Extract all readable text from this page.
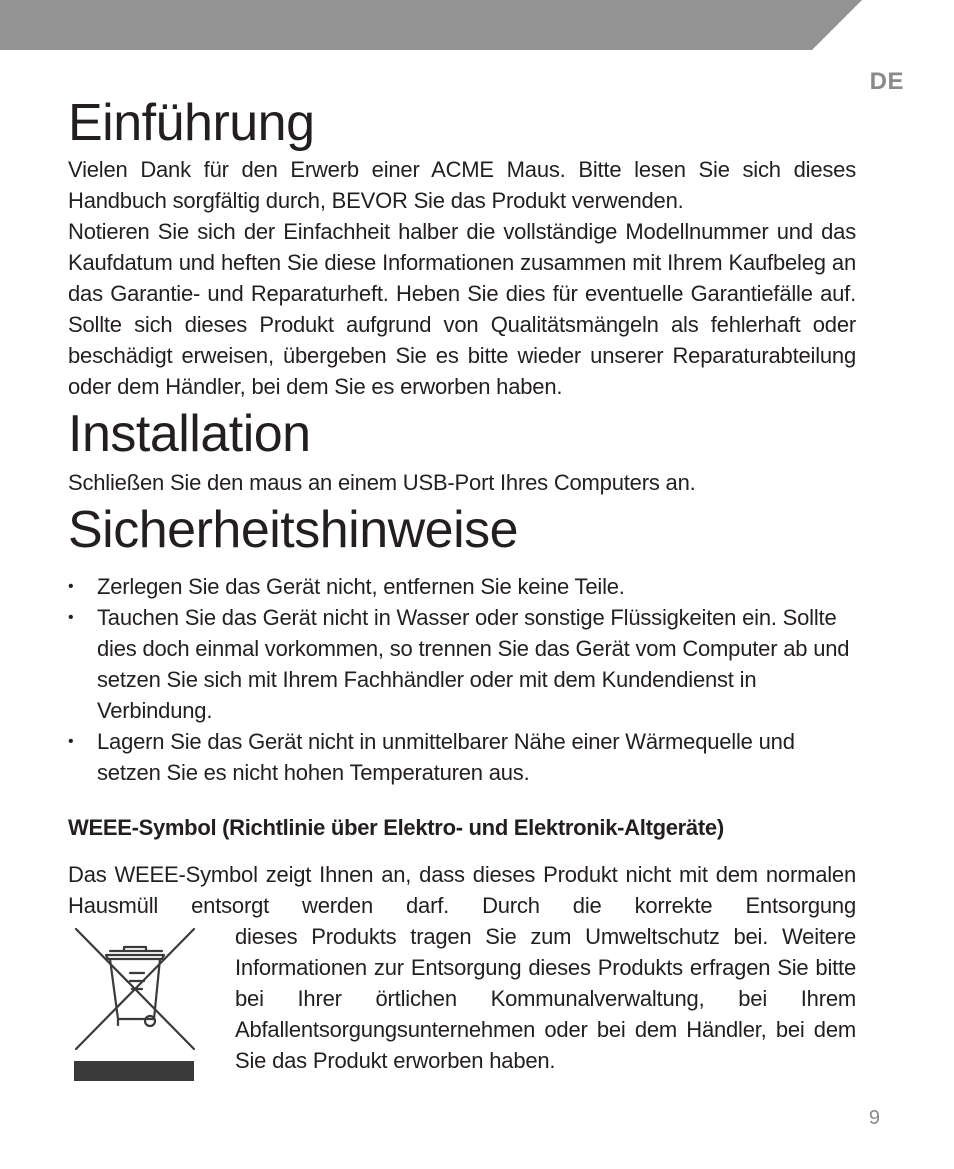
DE
Einführung

Vielen Dank für den Erwerb einer ACME Maus. Bitte lesen Sie sich dieses Handbuch sorgfältig durch, BEVOR Sie das Produkt verwenden.

Notieren Sie sich der Einfachheit halber die vollständige Modellnummer und das Kaufdatum und heften Sie diese Informationen zusammen mit Ihrem Kaufbeleg an das Garantie- und Reparaturheft. Heben Sie dies für eventuelle Garantiefälle auf. Sollte sich dieses Produkt aufgrund von Qualitätsmängeln als fehlerhaft oder beschädigt erweisen, übergeben Sie es bitte wieder unserer Reparaturabteilung oder dem Händler, bei dem Sie es erworben haben.

Installation

Schließen Sie den maus an einem USB-Port Ihres Computers an.

Sicherheitshinweise
• Zerlegen Sie das Gerät nicht, entfernen Sie keine Teile.
• Tauchen Sie das Gerät nicht in Wasser oder sonstige Flüssigkeiten ein. Sollte dies doch einmal vorkommen, so trennen Sie das Gerät vom Computer ab und setzen Sie sich mit Ihrem Fachhändler oder mit dem Kundendienst in Verbindung.
• Lagern Sie das Gerät nicht in unmittelbarer Nähe einer Wärmequelle und setzen Sie es nicht hohen Temperaturen aus.
WEEE-Symbol (Richtlinie über Elektro- und Elektronik-Altgeräte)

Das WEEE-Symbol zeigt Ihnen an, dass dieses Produkt nicht mit dem normalen Hausmüll entsorgt werden darf. Durch die korrekte Entsorgung

dieses Produkts tragen Sie zum Umweltschutz bei. Weitere Informationen zur Entsorgung dieses Produkts erfragen Sie bitte bei Ihrer örtlichen Kommunalverwaltung, bei Ihrem Abfallentsorgungsunternehmen oder bei dem Händler, bei dem Sie das Produkt erworben haben.

9
